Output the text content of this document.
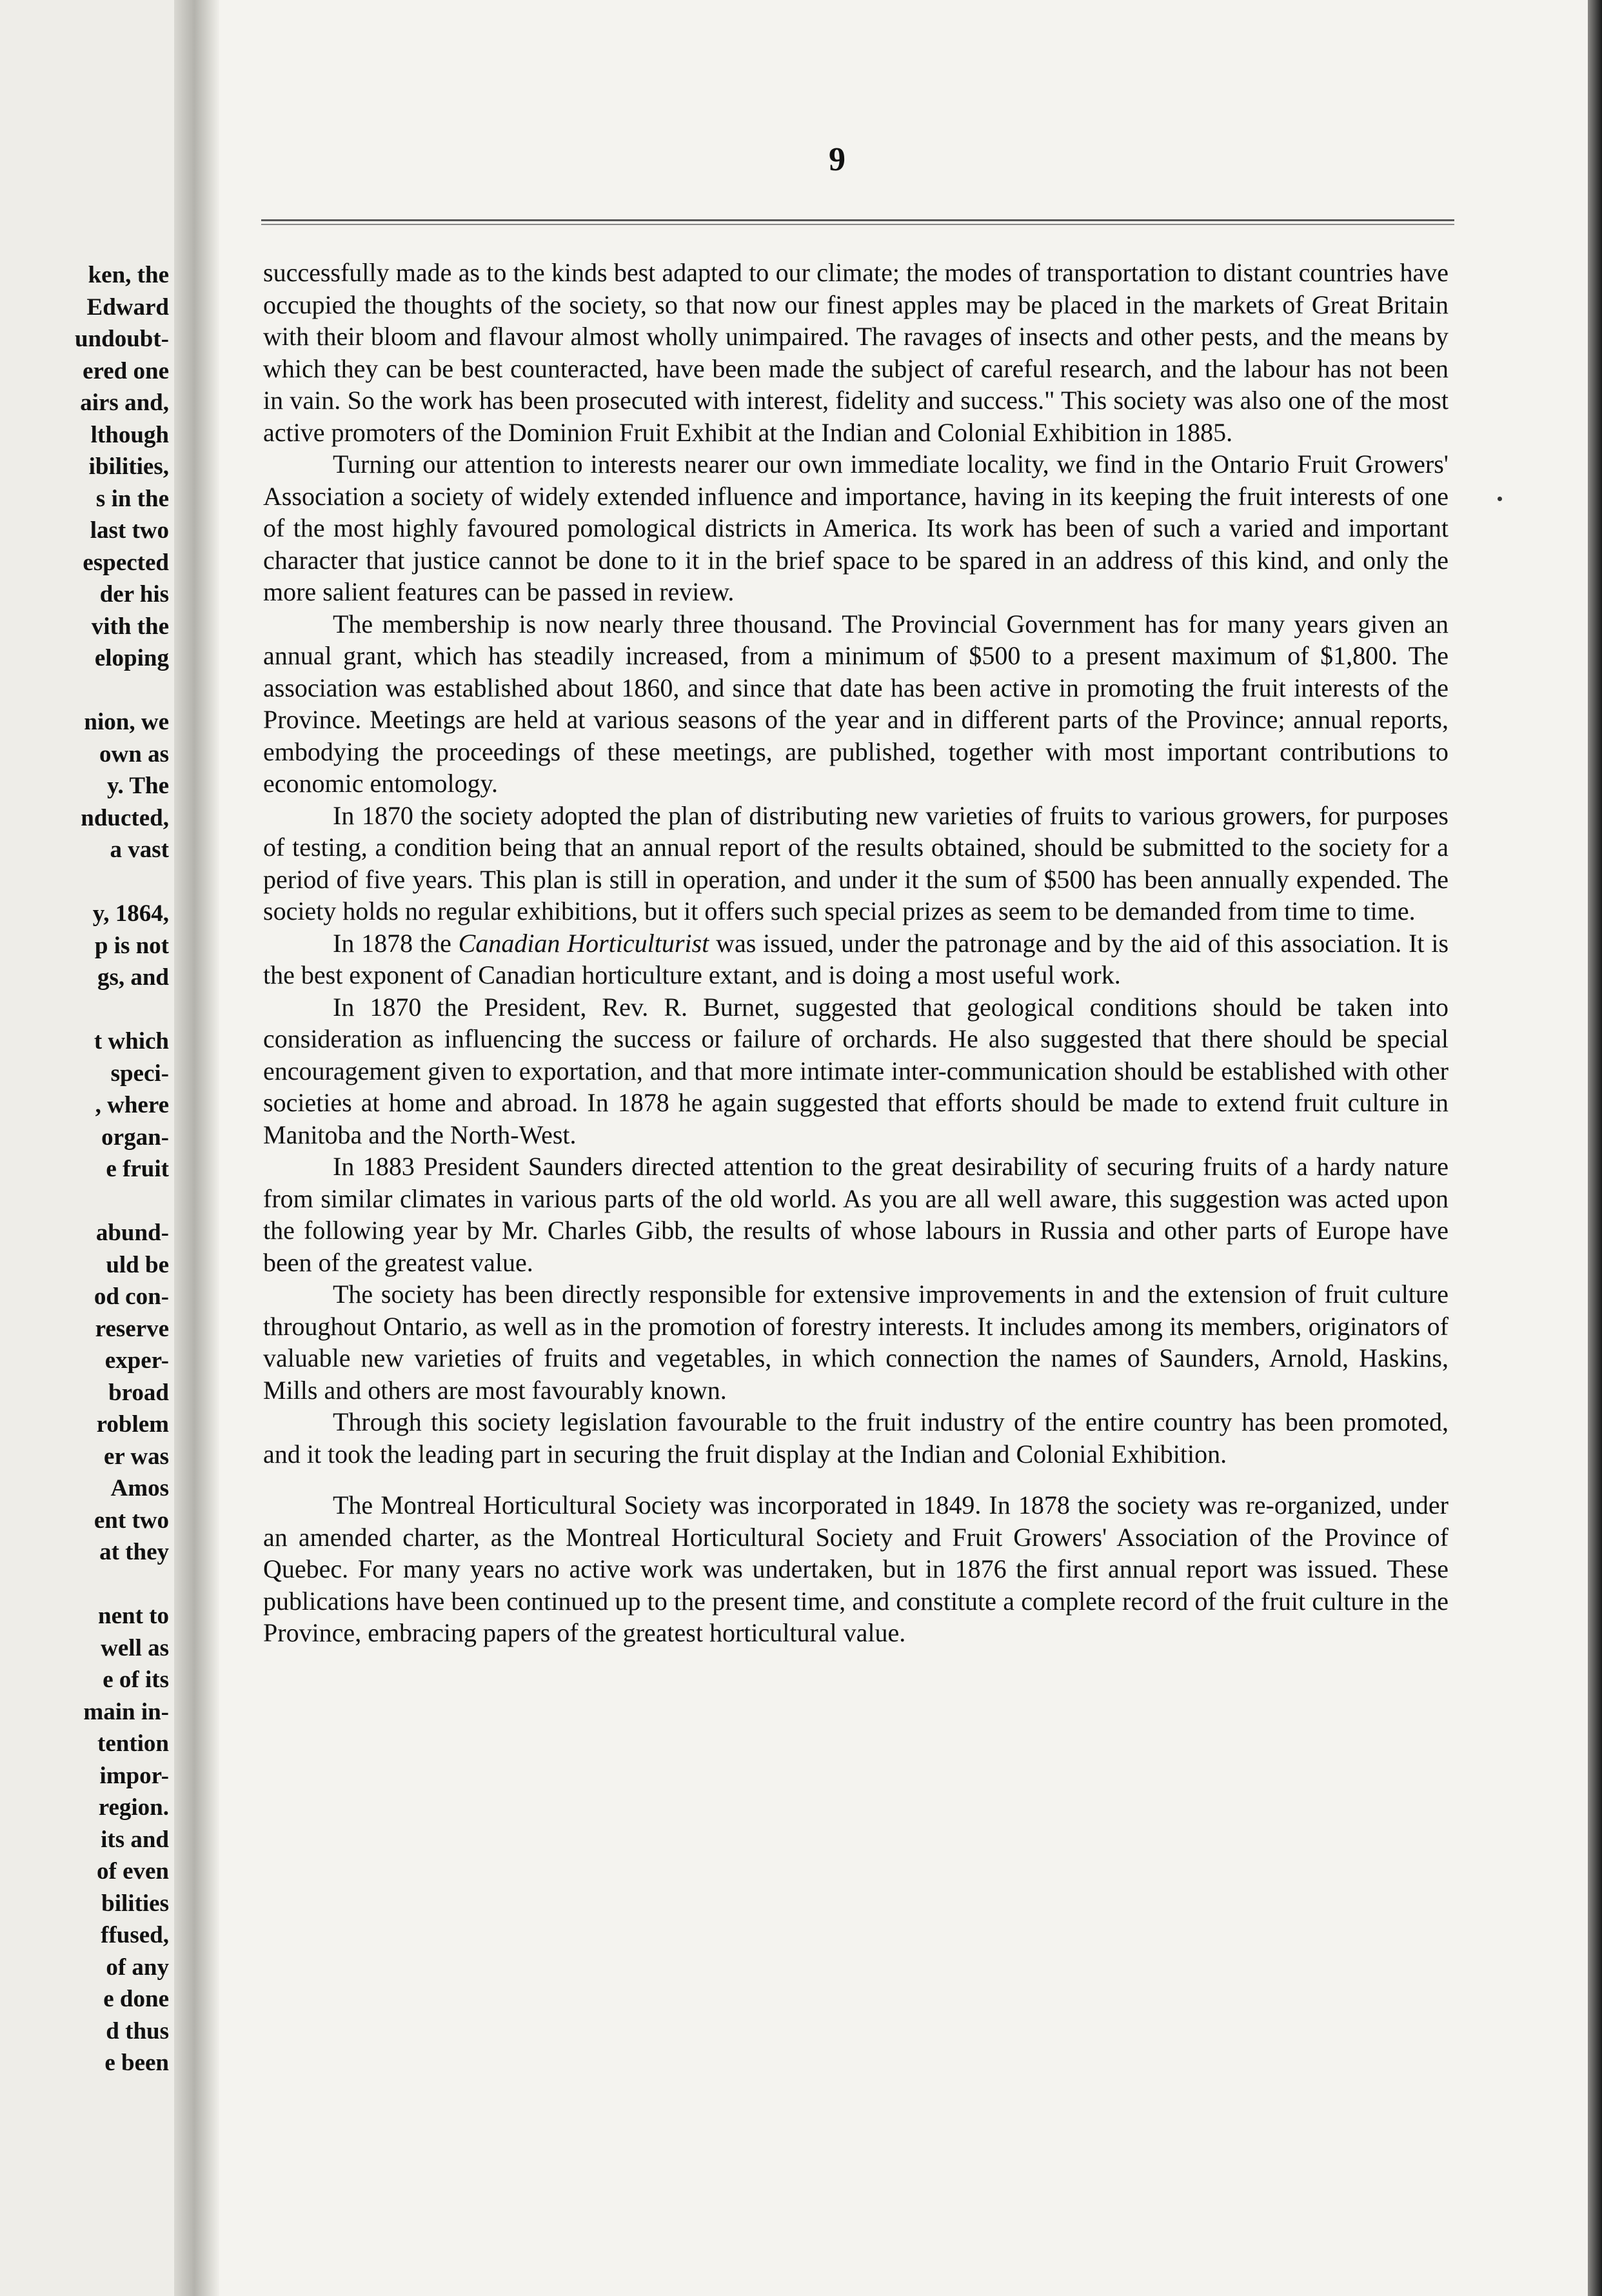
ken, the
Edward
undoubt-
ered one
airs and,
lthough
ibilities,
s in the
last two
espected
der his
vith the
eloping
nion, we
own as
y. The
nducted,
a vast
y, 1864,
p is not
gs, and
t which
speci-
, where
organ-
e fruit
abund-
uld be
od con-
reserve
exper-
broad
roblem
er was
Amos
ent two
at they
nent to
well as
e of its
main in-
tention
impor-
region.
its and
of even
bilities
ffused,
of any
e done
d thus
e been
9

successfully made as to the kinds best adapted to our climate; the modes of transportation to distant countries have occupied the thoughts of the society, so that now our finest apples may be placed in the markets of Great Britain with their bloom and flavour almost wholly unimpaired. The ravages of insects and other pests, and the means by which they can be best counteracted, have been made the subject of careful research, and the labour has not been in vain. So the work has been prosecuted with interest, fidelity and success." This society was also one of the most active promoters of the Dominion Fruit Exhibit at the Indian and Colonial Exhibition in 1885.

Turning our attention to interests nearer our own immediate locality, we find in the Ontario Fruit Growers' Association a society of widely extended influence and importance, having in its keeping the fruit interests of one of the most highly favoured pomological districts in America. Its work has been of such a varied and important character that justice cannot be done to it in the brief space to be spared in an address of this kind, and only the more salient features can be passed in review.

The membership is now nearly three thousand. The Provincial Government has for many years given an annual grant, which has steadily increased, from a minimum of $500 to a present maximum of $1,800. The association was established about 1860, and since that date has been active in promoting the fruit interests of the Province. Meetings are held at various seasons of the year and in different parts of the Province; annual reports, embodying the proceedings of these meetings, are published, together with most important contributions to economic entomology.

In 1870 the society adopted the plan of distributing new varieties of fruits to various growers, for purposes of testing, a condition being that an annual report of the results obtained, should be submitted to the society for a period of five years. This plan is still in operation, and under it the sum of $500 has been annually expended. The society holds no regular exhibitions, but it offers such special prizes as seem to be demanded from time to time.

In 1878 the Canadian Horticulturist was issued, under the patronage and by the aid of this association. It is the best exponent of Canadian horticulture extant, and is doing a most useful work.

In 1870 the President, Rev. R. Burnet, suggested that geological conditions should be taken into consideration as influencing the success or failure of orchards. He also suggested that there should be special encouragement given to exportation, and that more intimate inter-communication should be established with other societies at home and abroad. In 1878 he again suggested that efforts should be made to extend fruit culture in Manitoba and the North-West.

In 1883 President Saunders directed attention to the great desirability of securing fruits of a hardy nature from similar climates in various parts of the old world. As you are all well aware, this suggestion was acted upon the following year by Mr. Charles Gibb, the results of whose labours in Russia and other parts of Europe have been of the greatest value.

The society has been directly responsible for extensive improvements in and the extension of fruit culture throughout Ontario, as well as in the promotion of forestry interests. It includes among its members, originators of valuable new varieties of fruits and vegetables, in which connection the names of Saunders, Arnold, Haskins, Mills and others are most favourably known.

Through this society legislation favourable to the fruit industry of the entire country has been promoted, and it took the leading part in securing the fruit display at the Indian and Colonial Exhibition.

The Montreal Horticultural Society was incorporated in 1849. In 1878 the society was re-organized, under an amended charter, as the Montreal Horticultural Society and Fruit Growers' Association of the Province of Quebec. For many years no active work was undertaken, but in 1876 the first annual report was issued. These publications have been continued up to the present time, and constitute a complete record of the fruit culture in the Province, embracing papers of the greatest horticultural value.
